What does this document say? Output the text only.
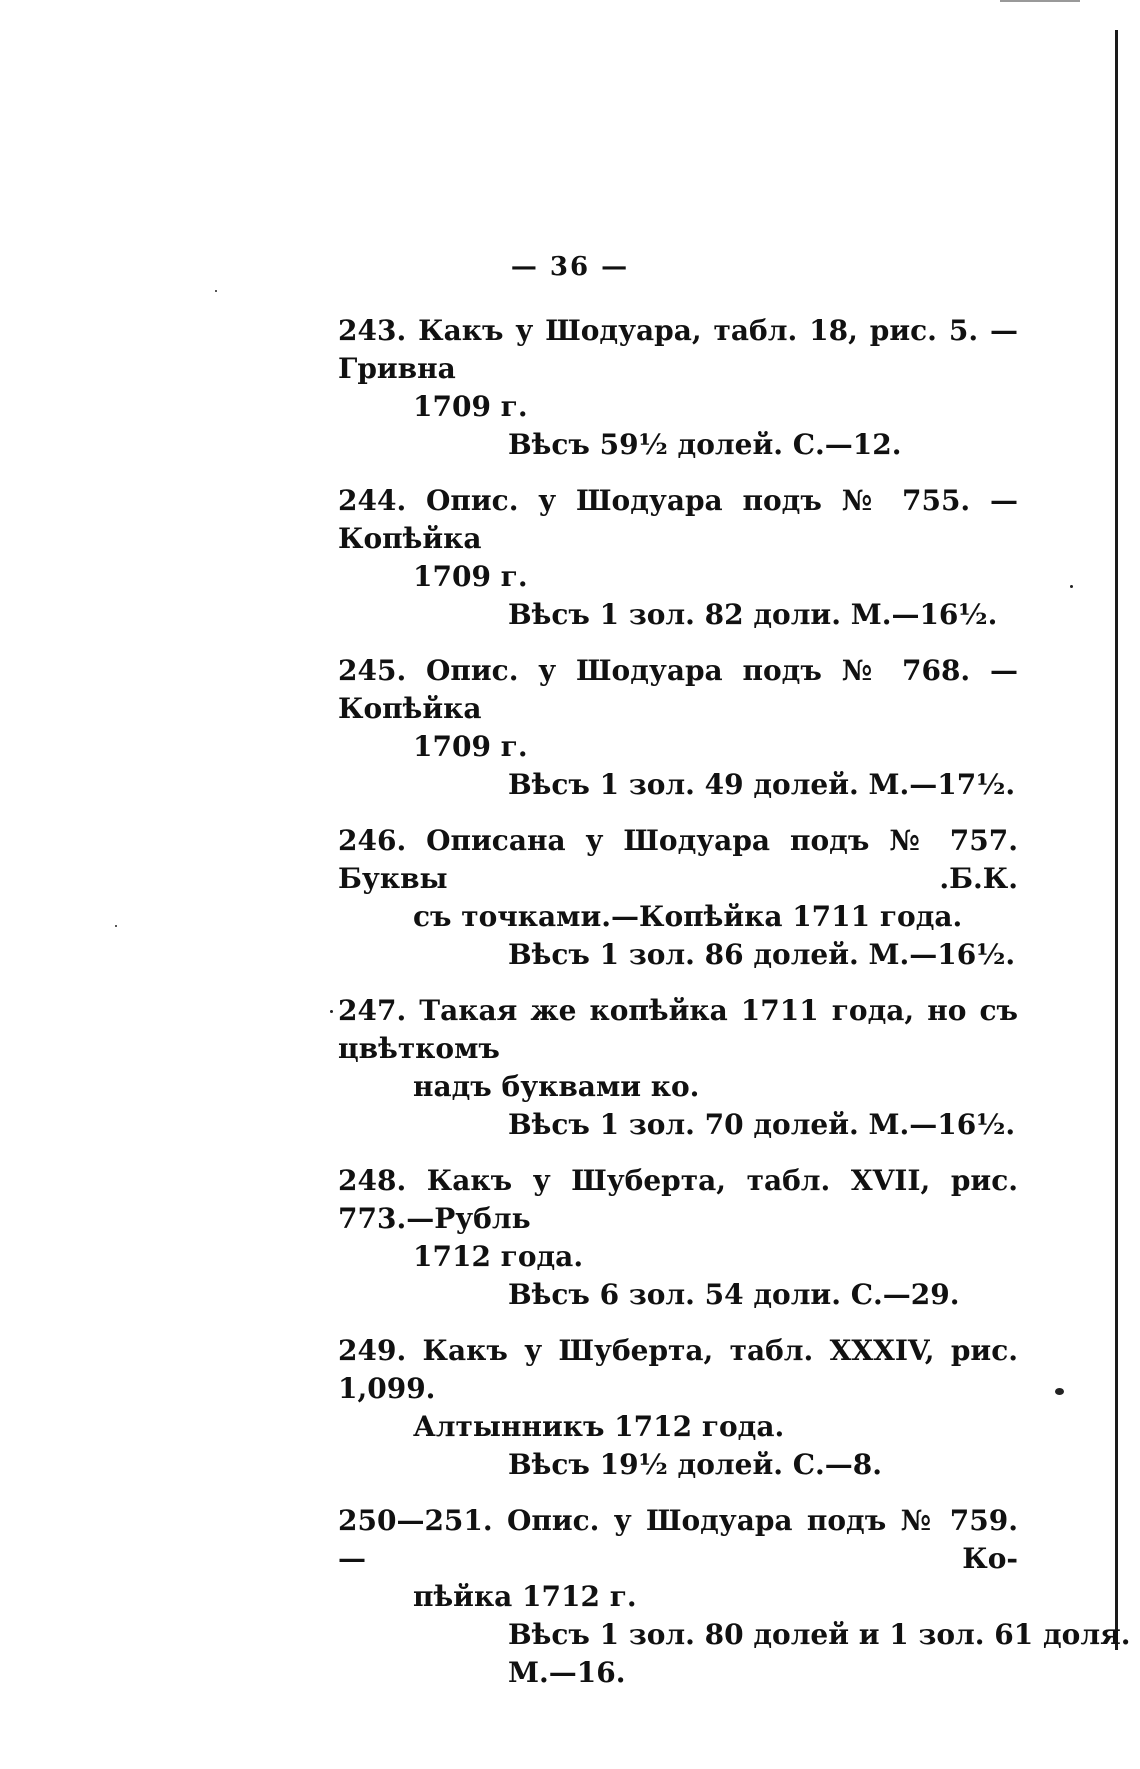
— 36 —
243. Какъ у Шодуара, табл. 18, рис. 5. — Гривна
1709 г.
Вѣсъ 59½ долей. С.—12.
244. Опис. у Шодуара подъ № 755. — Копѣйка
1709 г.
Вѣсъ 1 зол. 82 доли. М.—16½.
245. Опис. у Шодуара подъ № 768. — Копѣйка
1709 г.
Вѣсъ 1 зол. 49 долей. М.—17½.
246. Описана у Шодуара подъ № 757. Буквы .Б.К.
съ точками.—Копѣйка 1711 года.
Вѣсъ 1 зол. 86 долей. М.—16½.
247. Такая же копѣйка 1711 года, но съ цвѣткомъ
надъ буквами ко.
Вѣсъ 1 зол. 70 долей. М.—16½.
248. Какъ у Шуберта, табл. XVII, рис. 773.—Рубль
1712 года.
Вѣсъ 6 зол. 54 доли. С.—29.
249. Какъ у Шуберта, табл. XXXIV, рис. 1,099.
Алтынникъ 1712 года.
Вѣсъ 19½ долей. С.—8.
250—251. Опис. у Шодуара подъ № 759. — Ко-
пѣйка 1712 г.
Вѣсъ 1 зол. 80 долей и 1 зол. 61 доля.
М.—16.
